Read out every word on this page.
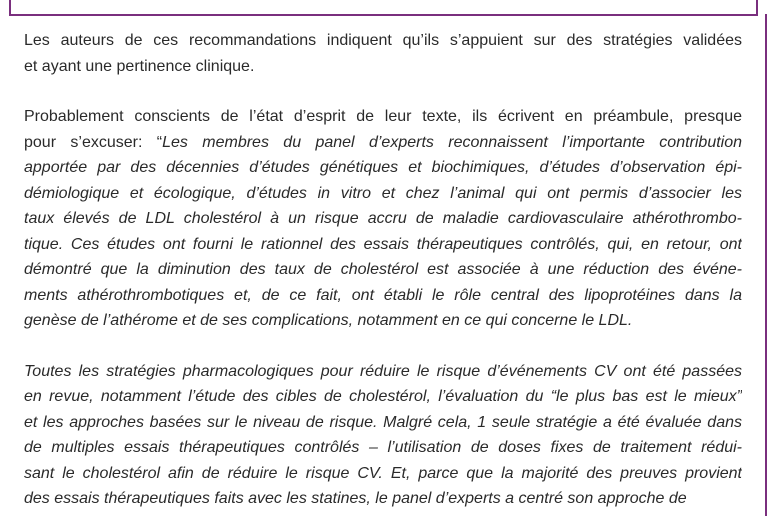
Les auteurs de ces recommandations indiquent qu’ils s’appuient sur des stratégies validées
et ayant une pertinence clinique.
Probablement conscients de l’état d’esprit de leur texte, ils écrivent en préambule, presque
pour s’excuser: “Les membres du panel d’experts reconnaissent l’importante contribution
apportée par des décennies d’études génétiques et biochimiques, d’études d’observation épi-
démiologique et écologique, d’études in vitro et chez l’animal qui ont permis d’associer les
taux élevés de LDL cholestérol à un risque accru de maladie cardiovasculaire athérothrombo-
tique. Ces études ont fourni le rationnel des essais thérapeutiques contrôlés, qui, en retour, ont
démontré que la diminution des taux de cholestérol est associée à une réduction des événe-
ments athérothrombotiques et, de ce fait, ont établi le rôle central des lipoprotéines dans la
genèse de l’athérome et de ses complications, notamment en ce qui concerne le LDL.
Toutes les stratégies pharmacologiques pour réduire le risque d’événements CV ont été passées
en revue, notamment l’étude des cibles de cholestérol, l’évaluation du “le plus bas est le mieux”
et les approches basées sur le niveau de risque. Malgré cela, 1 seule stratégie a été évaluée dans
de multiples essais thérapeutiques contrôlés – l’utilisation de doses fixes de traitement rédui-
sant le cholestérol afin de réduire le risque CV. Et, parce que la majorité des preuves provient
des essais thérapeutiques faits avec les statines, le panel d’experts a centré son approche de
